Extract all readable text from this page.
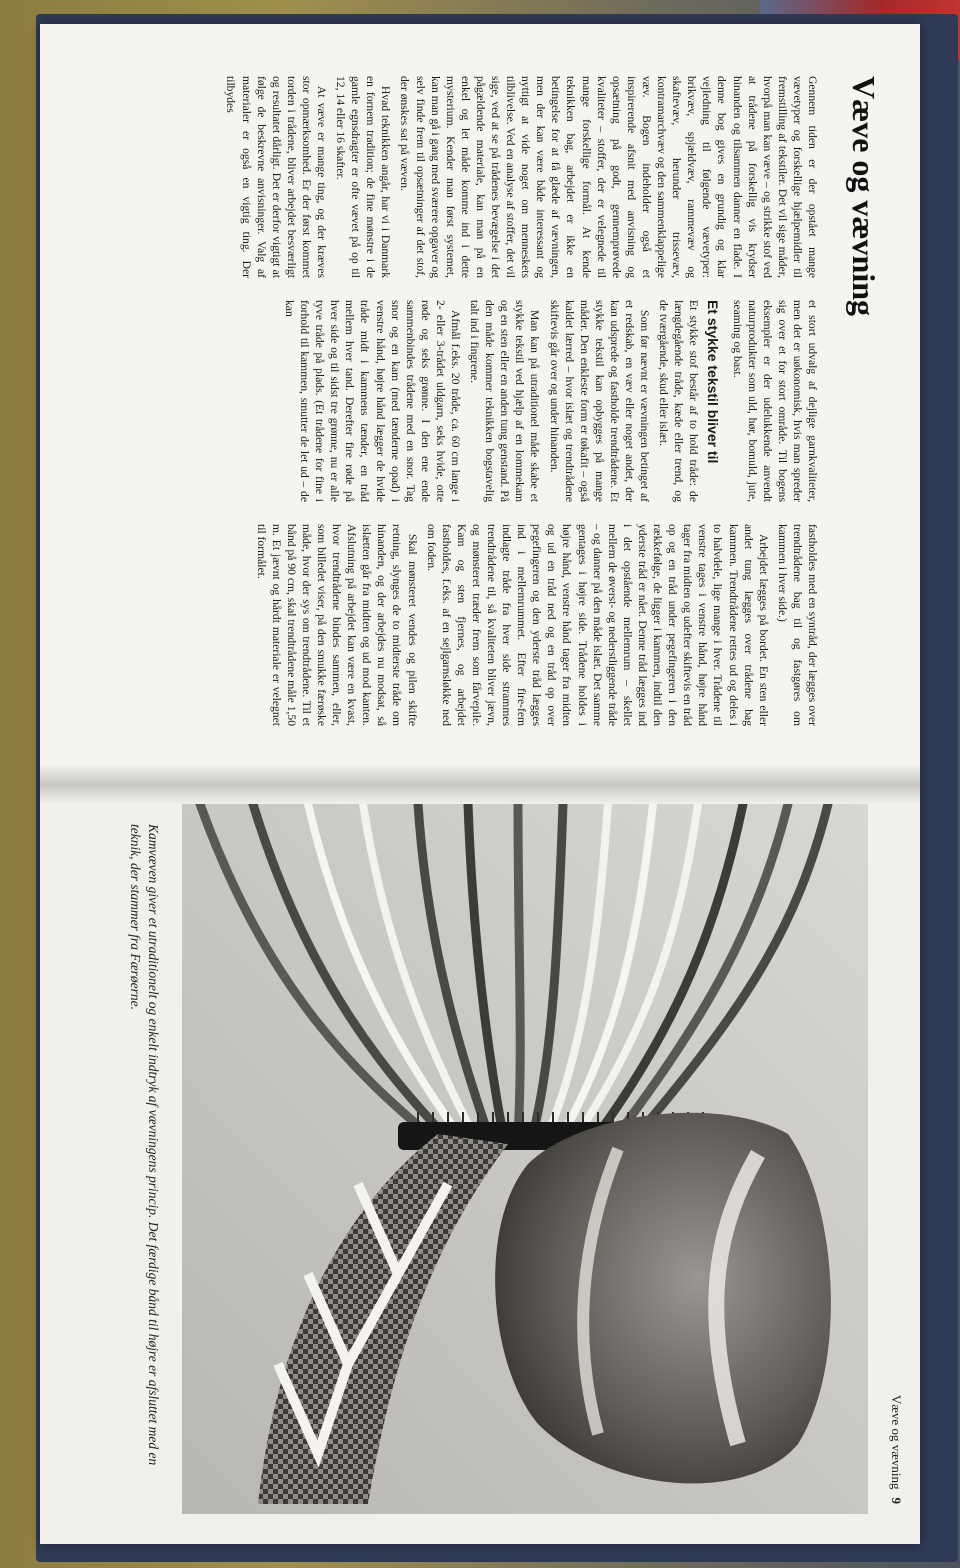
Væve og vævning

Gennem tiden er der opstået mange vævetyper og forskellige hjælpemidler til fremstilling af tekstiler. Det vil sige måder, hvorpå man kan væve – og strikke stof ved at trådene på forskellig vis krydser hinanden og tilsammen danner en flade. I denne bog gives en grundig og klar vejledning til følgende vævetyper: brikvæv, spjældvæv, rammevæv og skaftevæv, herunder trissevæv, kontramarchvæv og den sammenklappelige væv. Bogen indeholder også et inspirerende afsnit med anvisning og opsætning på godt, gennemprøvede kvaliteter – stoffer, der er velegnede til mange forskellige formål. At kende teknikken bag, arbejdet er ikke en betingelse for at få glæde af vævningen, men der kan være både interessant og nyttigt at vide noget om menneskets tilblivelse. Ved en analyse af stoffer, det vil sige, ved at se på trådenes bevægelse i det pågældende materiale, kan man på en enkel og let måde komme ind i dette mysterium. Kender man først systemet, kan man gå i gang med sværere opgaver og selv finde frem til opsætninger af det stof, der ønskes sat på væven.

Hvad teknikken angår, har vi i Danmark en fornem tradition; de fine mønstre i de gamle egnsdragter er ofte vævet på op til 12, 14 eller 16 skafter.

At væve er mange ting, og der kræves stor opmærksomhed. Er der først kommet torden i trådene, bliver arbejdet besværligt og resultatet dårligt. Det er derfor vigtigt at følge de beskrevne anvisninger. Valg af materialer er også en vigtig ting. Der tilbydes

et stort udvalg af dejlige garnkvaliteter, men det er uøkonomisk, hvis man spreder sig over et for stort område. Til bogens eksempler er der udelukkende anvendt naturprodukter som uld, hør, bomuld, jute, seaming og bast.

Et stykke tekstil bliver til

Et stykke stof består af to hold tråde: de længdegående tråde, kæde eller trend, og de tværgående, skud eller islæt.

Som før nævnt er vævningen betinget af et redskab, en væv eller noget andet, der kan udsprede og fastholde trendtrådene. Et stykke tekstil kan opbygges på mange måder. Den enkleste form er tøkafit – også kaldet lærred – hvor islæt og trendtrådene skiftevis går over og under hinanden.

Man kan på utraditionel måde skabe et stykke tekstil ved hjælp af en lommekam og en sten eller en anden tung genstand. På den måde kommer teknikken bogstavelig talt ind i fingrene.

Afmål f.eks. 20 tråde, ca. 60 cm lange i 2- eller 3-trådet uldgarn, seks hvide, otte røde og seks grønne. I den ene ende sammenbindes trådene med en snor. Tag snor og en kam (med tænderne opad) i venstre hånd, højre hånd lægger de hvide tråde midt i kammens tænder, en tråd mellem hver tand. Derefter fire røde på hver side og til sidst tre grønne, nu er alle tyve tråde på plads. (Et trådene for fine i forhold til kammen, smutter de let ud – de kan

fastholdes med en syntråd, der lægges over trendtrådene bag til og fastgøres om kammen i hver side.)

Arbejdet lægges på bordet. En sten eller andet tung lægges over trådene bag kammen. Trendtrådene rettes ud og deles i to halvdele, lige mange i hver. Trådene til venstre tages i venstre hånd, højre hånd tager fra midten og udefter skiftevis en tråd op og en tråd under pegefingeren i den rækkefølge, de ligger i kammen, indtil den yderste tråd er nået. Denne tråd lægges ind i det opstående mellemrum – skellet mellem de øverst- og nederstliggende tråde – og danner på den måde islæt. Det samme gentages i højre side. Trådene holdes i højre hånd, venstre hånd tager fra midten og ud en tråd ned og en tråd op over pegefingeren og den yderste tråd lægges ind i mellemrummet. Efter fire-fem indlagte tråde fra hver side strammes trendtrådene til, så kvaliteten bliver jævn, og mønsteret træder frem som fårvepile. Kam og sten fjernes, og arbejdet fastholdes, f.eks. af en sejlgarnsløkke ned om foden.

Skal mønsteret vendes og pilen skifte retning, slynges de to midterste tråde om hinanden, og der arbejdes nu modsat, så islætten går fra midten og ud mod kanten. Afslutning på arbejdet kan være en kvast, hvor trendtrådene bindes sammen, eller, som billedet viser, på den smukke færøske måde, hvor der sys om trendtrådene. Til et bånd på 90 cm, skal trendtrådene måle 1,50 m. Et jævnt og hårdt materiale er velegnet til formålet.

Væve og vævning9
Kamvæven giver et utraditionelt og enkelt indtryk af vævningens princip. Det færdige bånd til højre er afsluttet med en teknik, der stammer fra Færøerne.
